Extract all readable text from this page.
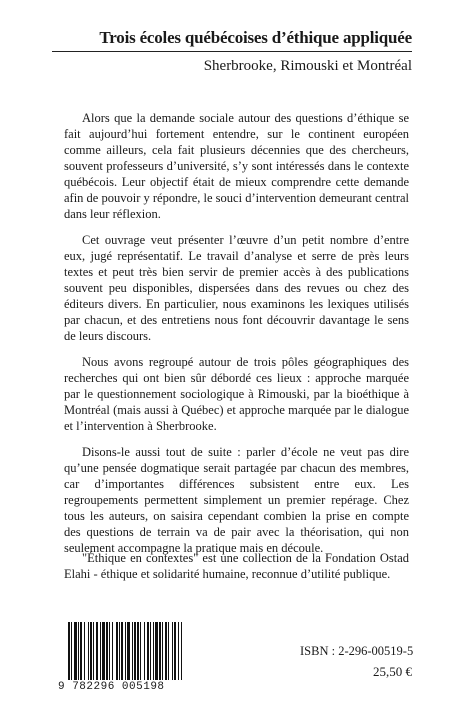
Trois écoles québécoises d’éthique appliquée
Sherbrooke, Rimouski et Montréal

Alors que la demande sociale autour des questions d’éthique se fait aujourd’hui fortement entendre, sur le continent européen comme ailleurs, cela fait plusieurs décennies que des chercheurs, souvent professeurs d’université, s’y sont intéressés dans le contexte québécois. Leur objectif était de mieux comprendre cette demande afin de pouvoir y répondre, le souci d’intervention demeurant central dans leur réflexion.

Cet ouvrage veut présenter l’œuvre d’un petit nombre d’entre eux, jugé représentatif. Le travail d’analyse et serre de près leurs textes et peut très bien servir de premier accès à des publications souvent peu disponibles, dispersées dans des revues ou chez des éditeurs divers. En particulier, nous examinons les lexiques utilisés par chacun, et des entretiens nous font découvrir davantage le sens de leurs discours.

Nous avons regroupé autour de trois pôles géographiques des recherches qui ont bien sûr débordé ces lieux : approche marquée par le questionnement sociologique à Rimouski, par la bioéthique à Montréal (mais aussi à Québec) et approche marquée par le dialogue et l’intervention à Sherbrooke.

Disons-le aussi tout de suite : parler d’école ne veut pas dire qu’une pensée dogmatique serait partagée par chacun des membres, car d’importantes différences subsistent entre eux. Les regroupements permettent simplement un premier repérage. Chez tous les auteurs, on saisira cependant combien la prise en compte des questions de terrain va de pair avec la théorisation, qui non seulement accompagne la pratique mais en découle.

"Éthique en contextes" est une collection de la Fondation Ostad Elahi - éthique et solidarité humaine, reconnue d’utilité publique.

9 782296 005198
ISBN : 2-296-00519-5
25,50 €
